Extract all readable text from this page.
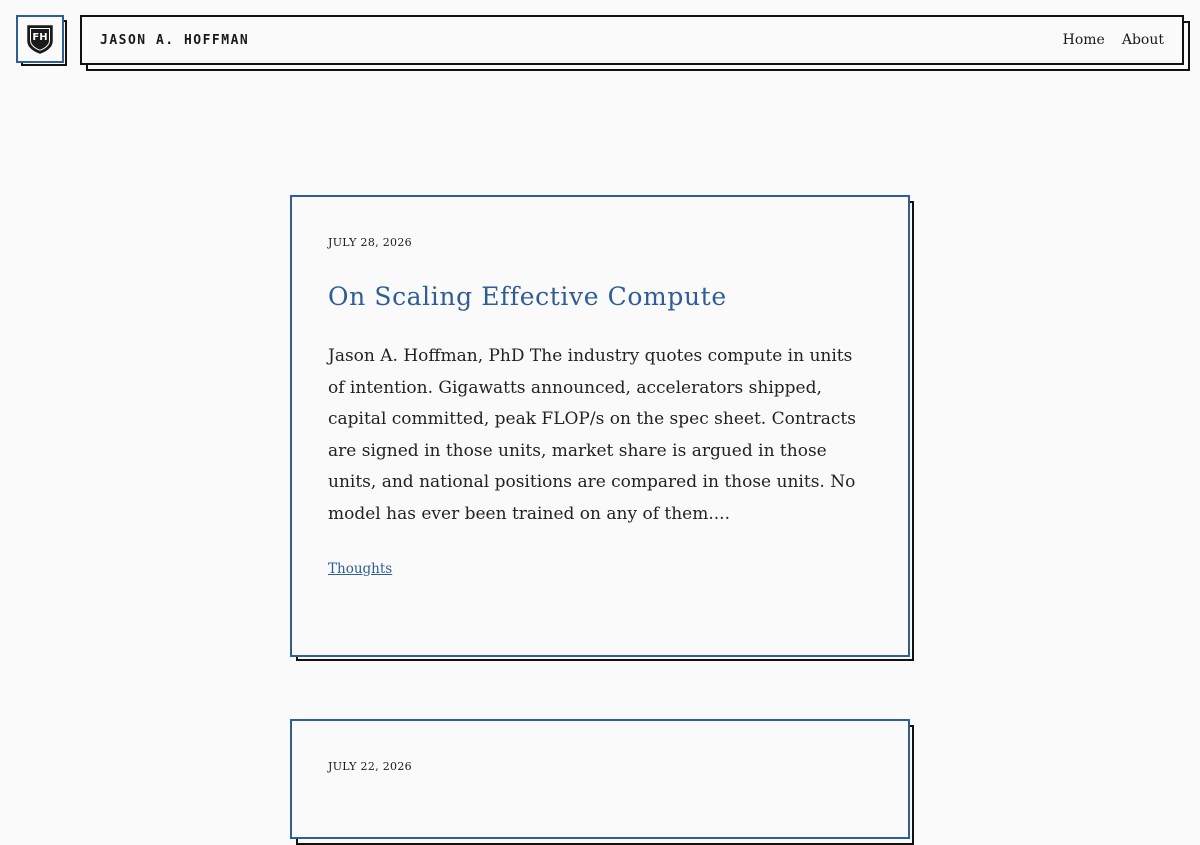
FH	JASON A. HOFFMAN	Home About
JULY 28, 2026
On Scaling Effective Compute
Jason A. Hoffman, PhD The industry quotes compute in units of intention. Gigawatts announced, accelerators shipped, capital committed, peak FLOP/s on the spec sheet. Contracts are signed in those units, market share is argued in those units, and national positions are compared in those units. No model has ever been trained on any of them....
Thoughts
JULY 22, 2026
